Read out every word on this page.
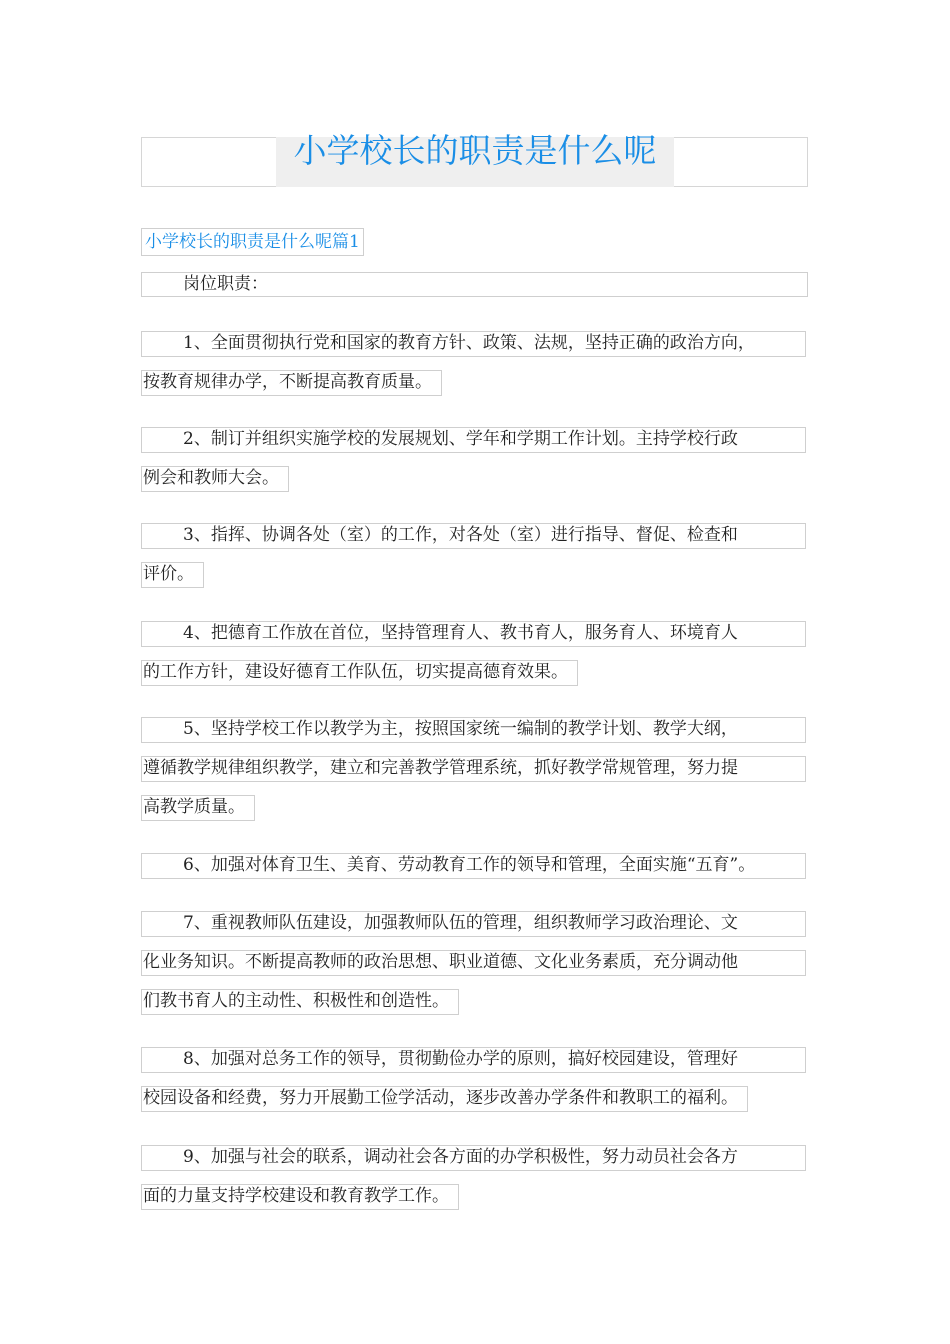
小学校长的职责是什么呢
小学校长的职责是什么呢篇1
岗位职责：
1、全面贯彻执行党和国家的教育方针、政策、法规，坚持正确的政治方向，
按教育规律办学，不断提高教育质量。
2、制订并组织实施学校的发展规划、学年和学期工作计划。主持学校行政
例会和教师大会。
3、指挥、协调各处（室）的工作，对各处（室）进行指导、督促、检查和
评价。
4、把德育工作放在首位，坚持管理育人、教书育人，服务育人、环境育人
的工作方针，建设好德育工作队伍，切实提高德育效果。
5、坚持学校工作以教学为主，按照国家统一编制的教学计划、教学大纲，
遵循教学规律组织教学，建立和完善教学管理系统，抓好教学常规管理，努力提
高教学质量。
6、加强对体育卫生、美育、劳动教育工作的领导和管理，全面实施“五育”。
7、重视教师队伍建设，加强教师队伍的管理，组织教师学习政治理论、文
化业务知识。不断提高教师的政治思想、职业道德、文化业务素质，充分调动他
们教书育人的主动性、积极性和创造性。
8、加强对总务工作的领导，贯彻勤俭办学的原则，搞好校园建设，管理好
校园设备和经费，努力开展勤工俭学活动，逐步改善办学条件和教职工的福利。
9、加强与社会的联系，调动社会各方面的办学积极性，努力动员社会各方
面的力量支持学校建设和教育教学工作。
